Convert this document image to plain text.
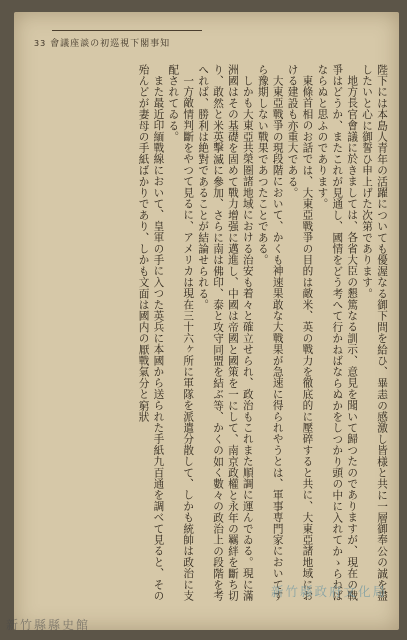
33 會議座談の初巡視下閣事知

陛下には本島人青年の活躍についても優渥なる御下問を給ひ、畢恚の感激し皆様と共に一層御奉公の誠を盡したいと心に御誓ひ申上げた次第であります。

地方長官會議に於きましては、各省大臣の懇篤なる訓示、意見を聞いて歸つたのでありますが、現在の戰爭はどうか、またこれが見通し、國情をどう考へて行かねばならぬかをしつかり頭の中に入れてかゝらねばならぬと思ふのであります。

東條首相のお話では、大東亞戰爭の目的は敵米、英の戰力を徹底的に壓碎すると共に、大東亞諸地域における建設も亦重大である。

大東亞戰爭の現段階において、かくも神速果敢な大戰果が急速に得られやうとは、軍事専門家においてすら豫期しない戰果であつたことである。

しかも大東亞共榮圏諸地域における治安も着々と確立せられ、政治もこれまた順調に運んでゐる。現に滿洲國はその基礎を固めて戰力增强に邁進し、中國は帝國と國策を一にして、南京政權と永年の羈絆を斷ち切り、敢然と米英擊滅に參加、さらに南は佛印、泰と攻守同盟を結ぶ等、かくの如く數々の政治上の段階を考へれば、勝利は絶對であることが結論せられる。

一方敵情判斷をやつて見るに、アメリカは現在三十六ヶ所に軍隊を派遣分散して、しかも統帥は政治に支配されてゐる。

また最近印緬戰線において、皇軍の手に入つた英兵に本國から送られた手紙九百通を調べて見ると、その殆んどが妻母の手紙ばかりであり、しかも文面は國内の厭戰氣分と窮狀

新竹縣政府文化局
新竹縣縣史館
